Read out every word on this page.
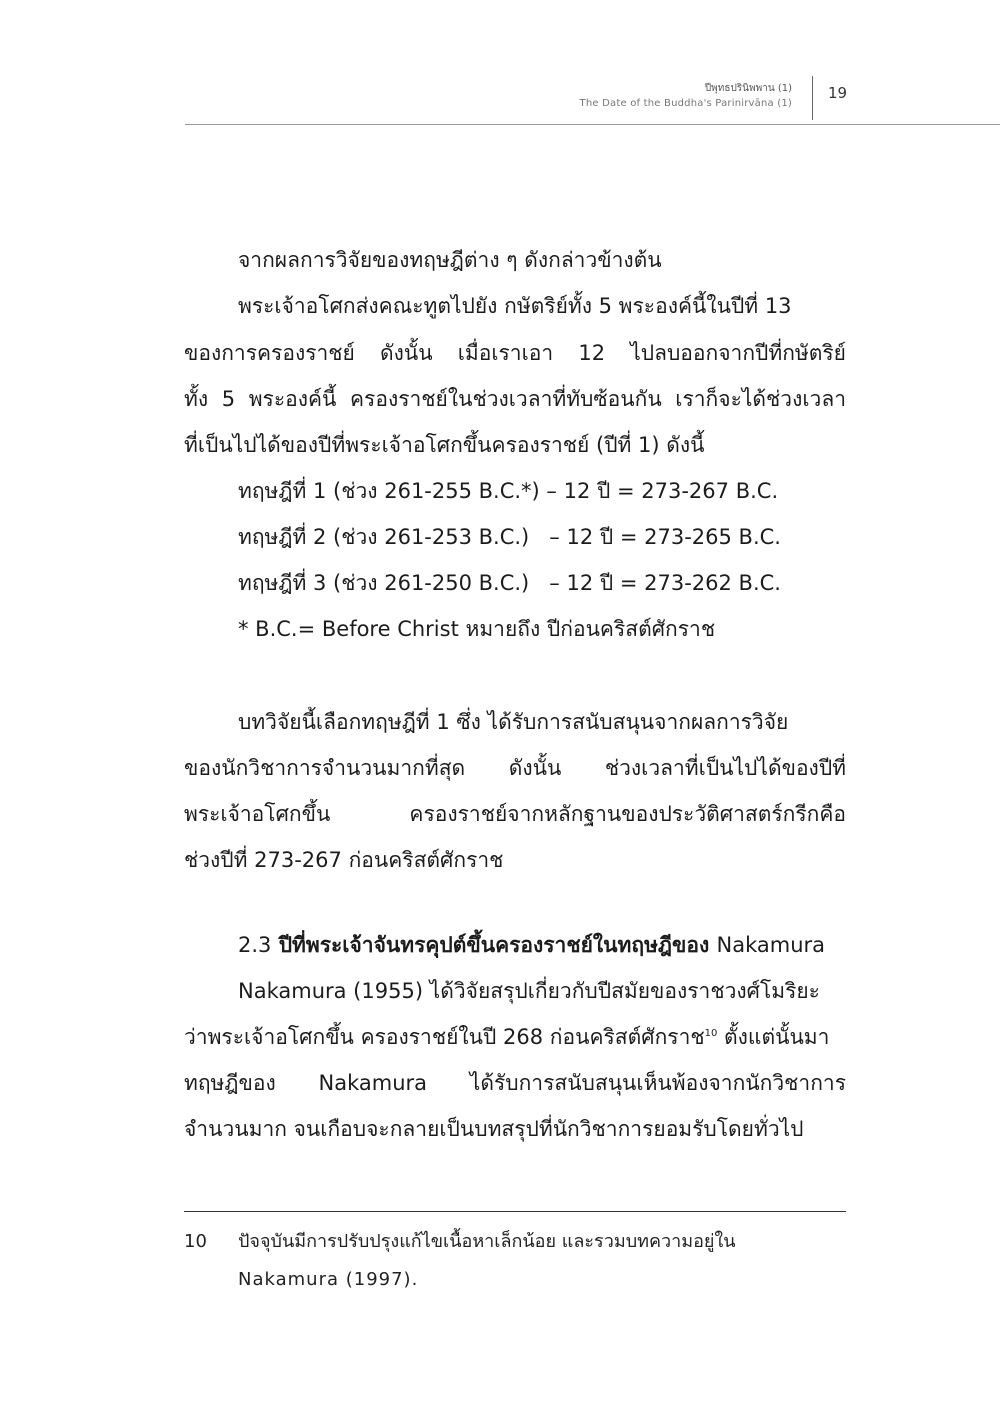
ปีพุทธปรินิพพาน (1)
The Date of the Buddha's Parinirvāna (1)
19
จากผลการวิจัยของทฤษฎีต่าง ๆ ดังกล่าวข้างต้น
พระเจ้าอโศกส่งคณะทูตไปยัง กษัตริย์ทั้ง 5 พระองค์นี้ในปีที่ 13
ของการครองราชย์ ดังนั้น เมื่อเราเอา 12 ไปลบออกจากปีที่กษัตริย์
ทั้ง 5 พระองค์นี้ ครองราชย์ในช่วงเวลาที่ทับซ้อนกัน เราก็จะได้ช่วงเวลา
ที่เป็นไปได้ของปีที่พระเจ้าอโศกขึ้นครองราชย์ (ปีที่ 1) ดังนี้
ทฤษฎีที่ 1 (ช่วง 261-255 B.C.*) – 12 ปี = 273-267 B.C.
ทฤษฎีที่ 2 (ช่วง 261-253 B.C.)   – 12 ปี = 273-265 B.C.
ทฤษฎีที่ 3 (ช่วง 261-250 B.C.)   – 12 ปี = 273-262 B.C.
* B.C.= Before Christ หมายถึง ปีก่อนคริสต์ศักราช
บทวิจัยนี้เลือกทฤษฎีที่ 1 ซึ่ง ได้รับการสนับสนุนจากผลการวิจัย
ของนักวิชาการจำนวนมากที่สุด ดังนั้น ช่วงเวลาที่เป็นไปได้ของปีที่
พระเจ้าอโศกขึ้น ครองราชย์จากหลักฐานของประวัติศาสตร์กรีกคือ
ช่วงปีที่ 273-267 ก่อนคริสต์ศักราช
2.3 ปีที่พระเจ้าจันทรคุปต์ขึ้นครองราชย์ในทฤษฎีของ Nakamura
Nakamura (1955) ได้วิจัยสรุปเกี่ยวกับปีสมัยของราชวงศ์โมริยะ
ว่าพระเจ้าอโศกขึ้น ครองราชย์ในปี 268 ก่อนคริสต์ศักราช$^{10}$ ตั้งแต่นั้นมา
ทฤษฎีของ Nakamura ได้รับการสนับสนุนเห็นพ้องจากนักวิชาการ
จำนวนมาก จนเกือบจะกลายเป็นบทสรุปที่นักวิชาการยอมรับโดยทั่วไป
10 ปัจจุบันมีการปรับปรุงแก้ไขเนื้อหาเล็กน้อย และรวมบทความอยู่ใน
Nakamura (1997).
